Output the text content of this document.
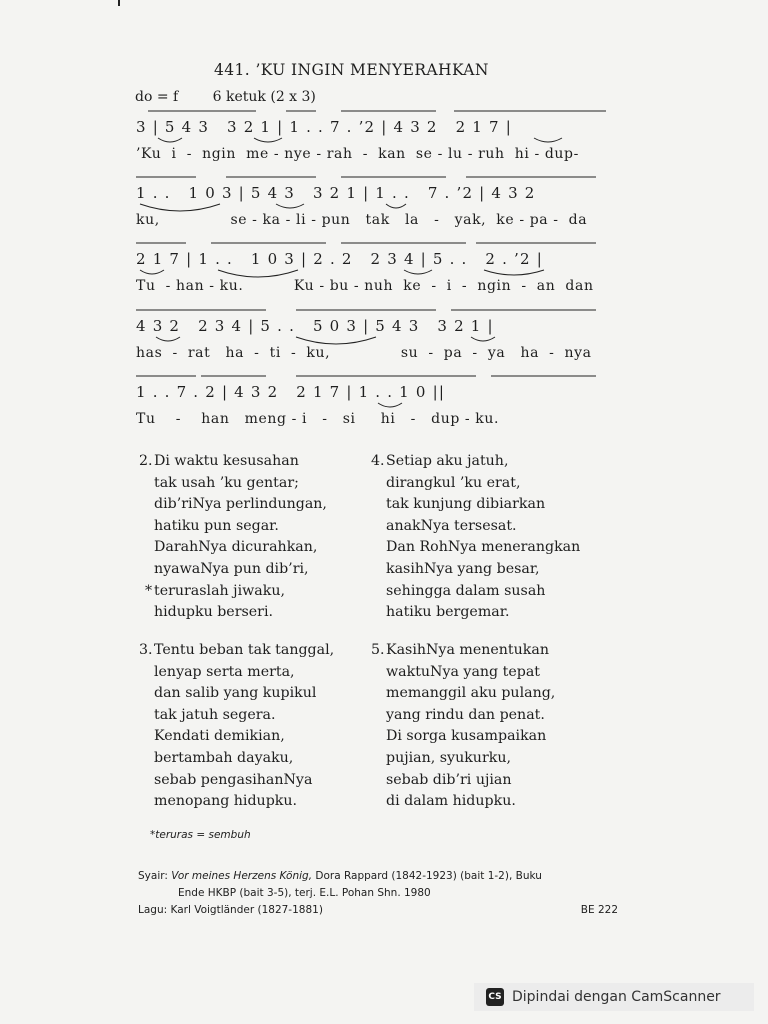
441. ’KU INGIN MENYERAHKAN
do = f 6 ketuk (2 x 3)
3 | 5 4 3   3 2 1 | 1 . . 7 . ’2 | 4 3 2   2 1 7 |
’Ku  i  -  ngin  me - nye - rah  -  kan  se - lu - ruh  hi - dup-
1 . .   1 0 3 | 5 4 3   3 2 1 | 1 . .   7 . ’2 | 4 3 2
ku,              se - ka - li - pun   tak   la   -   yak,  ke - pa -  da
2 1 7 | 1 . .   1 0 3 | 2 . 2   2 3 4 | 5 . .   2 . ’2 |
Tu  - han - ku.          Ku - bu - nuh  ke  -  i  -  ngin  -  an  dan
4 3 2   2 3 4 | 5 . .   5 0 3 | 5 4 3   3 2 1 |
has  -  rat   ha  -  ti  -  ku,              su  -  pa  -  ya   ha  -  nya
1 . . 7 . 2 | 4 3 2   2 1 7 | 1 . . 1 0 ||
Tu    -    han   meng - i   -   si     hi   -   dup - ku.
2. Di waktu kesusahan
tak usah ’ku gentar;
dib’riNya perlindungan,
hatiku pun segar.
DarahNya dicurahkan,
nyawaNya pun dib’ri,
* teruraslah jiwaku,
hidupku berseri.
4. Setiap aku jatuh,
dirangkul ’ku erat,
tak kunjung dibiarkan
anakNya tersesat.
Dan RohNya menerangkan
kasihNya yang besar,
sehingga dalam susah
hatiku bergemar.
3. Tentu beban tak tanggal,
lenyap serta merta,
dan salib yang kupikul
tak jatuh segera.
Kendati demikian,
bertambah dayaku,
sebab pengasihanNya
menopang hidupku.
5. KasihNya menentukan
waktuNya yang tepat
memanggil aku pulang,
yang rindu dan penat.
Di sorga kusampaikan
pujian, syukurku,
sebab dib’ri ujian
di dalam hidupku.
*teruras = sembuh
Syair: Vor meines Herzens König, Dora Rappard (1842-1923) (bait 1-2), Buku
Ende HKBP (bait 3-5), terj. E.L. Pohan Shn. 1980
Lagu: Karl Voigtländer (1827-1881)	BE 222
CS Dipindai dengan CamScanner
